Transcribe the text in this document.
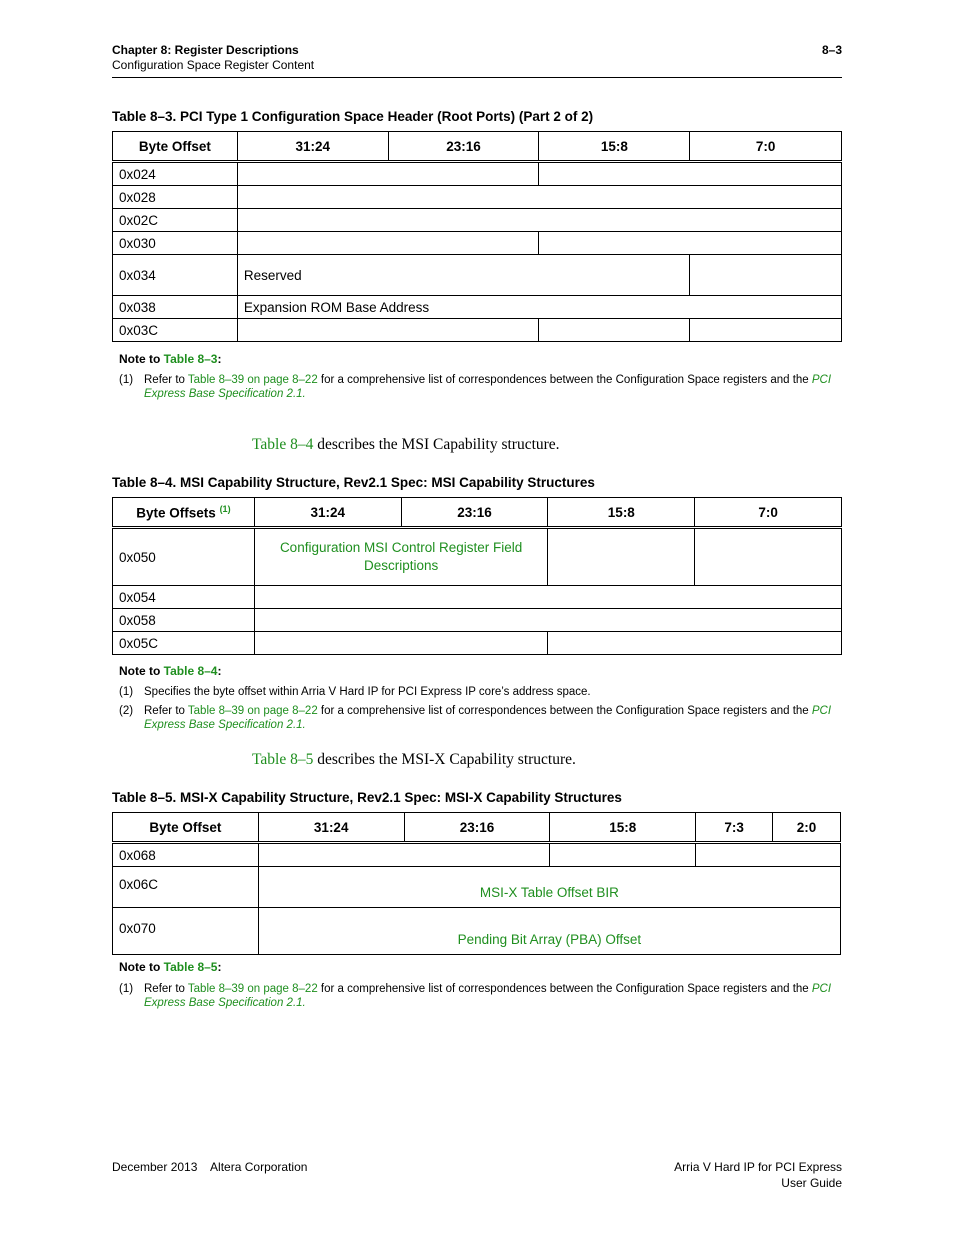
Chapter 8: Register Descriptions
Configuration Space Register Content
8–3
Table 8–3. PCI Type 1 Configuration Space Header (Root Ports) (Part 2 of 2)
Byte Offset	31:24	23:16	15:8	7:0
0x024				
0x028				
0x02C				
0x030				
0x034	Reserved			
0x038	Expansion ROM Base Address			
0x03C				
Note to Table 8–3:
(1) Refer to Table 8–39 on page 8–22 for a comprehensive list of correspondences between the Configuration Space registers and the PCI Express Base Specification 2.1.
Table 8–4 describes the MSI Capability structure.
Table 8–4. MSI Capability Structure, Rev2.1 Spec: MSI Capability Structures
Byte Offsets $^{(1)}$	31:24	23:16	15:8	7:0
0x050	Configuration MSI Control Register Field Descriptions			
0x054				
0x058				
0x05C				
Note to Table 8–4:
(1) Specifies the byte offset within Arria V Hard IP for PCI Express IP core’s address space.
(2) Refer to Table 8–39 on page 8–22 for a comprehensive list of correspondences between the Configuration Space registers and the PCI Express Base Specification 2.1.
Table 8–5 describes the MSI-X Capability structure.
Table 8–5. MSI-X Capability Structure, Rev2.1 Spec: MSI-X Capability Structures
Byte Offset	31:24	23:16	15:8	7:3	2:0
0x068					
0x06C	MSI-X Table Offset BIR				
0x070	Pending Bit Array (PBA) Offset				
Note to Table 8–5:
(1) Refer to Table 8–39 on page 8–22 for a comprehensive list of correspondences between the Configuration Space registers and the PCI Express Base Specification 2.1.
December 2013    Altera Corporation	Arria V Hard IP for PCI Express
User Guide
